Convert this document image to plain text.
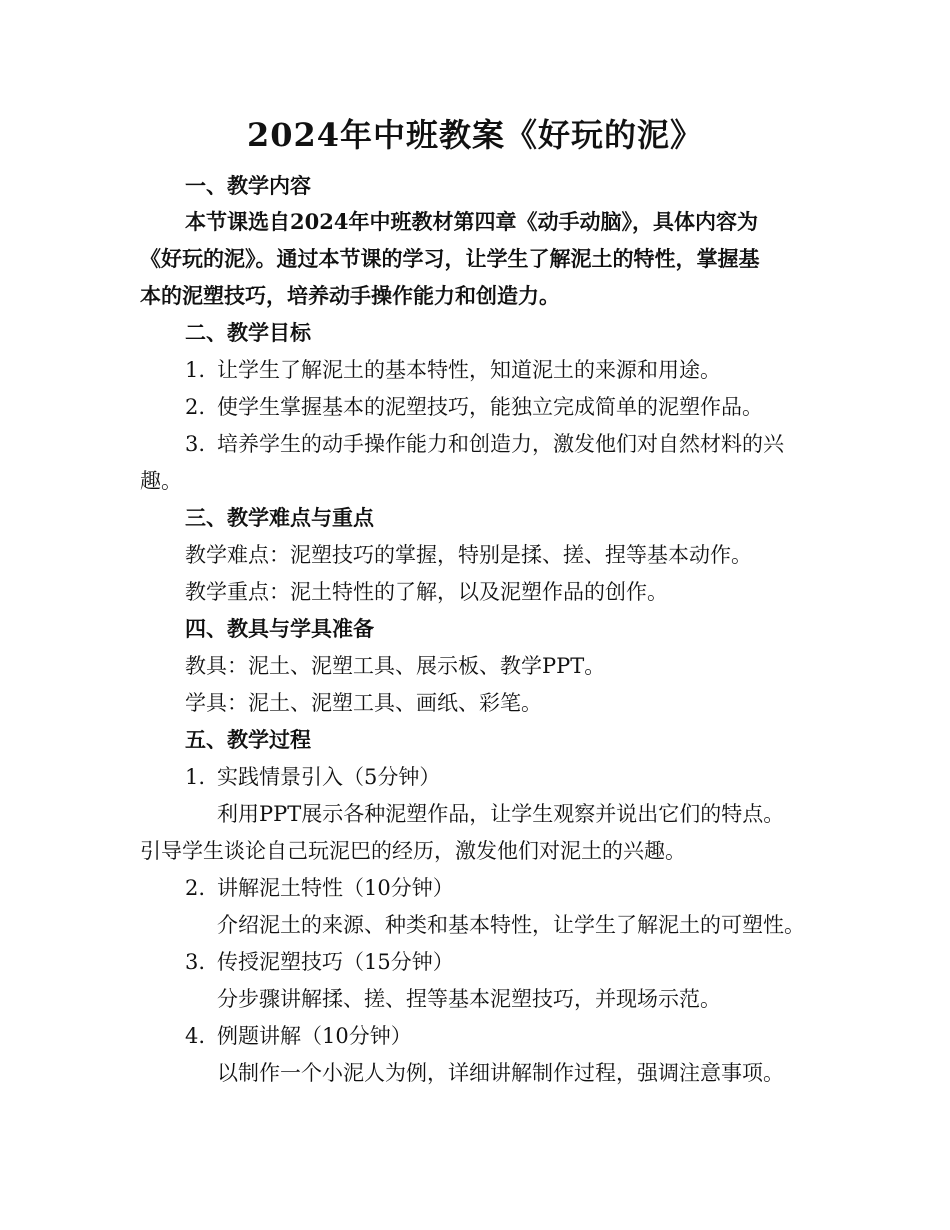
2024年中班教案《好玩的泥》
一、教学内容
本节课选自2024年中班教材第四章《动手动脑》，具体内容为
《好玩的泥》。通过本节课的学习，让学生了解泥土的特性，掌握基
本的泥塑技巧，培养动手操作能力和创造力。
二、教学目标
1. 让学生了解泥土的基本特性，知道泥土的来源和用途。
2. 使学生掌握基本的泥塑技巧，能独立完成简单的泥塑作品。
3. 培养学生的动手操作能力和创造力，激发他们对自然材料的兴
趣。
三、教学难点与重点
教学难点：泥塑技巧的掌握，特别是揉、搓、捏等基本动作。
教学重点：泥土特性的了解，以及泥塑作品的创作。
四、教具与学具准备
教具：泥土、泥塑工具、展示板、教学PPT。
学具：泥土、泥塑工具、画纸、彩笔。
五、教学过程
1. 实践情景引入（5分钟）
利用PPT展示各种泥塑作品，让学生观察并说出它们的特点。
引导学生谈论自己玩泥巴的经历，激发他们对泥土的兴趣。
2. 讲解泥土特性（10分钟）
介绍泥土的来源、种类和基本特性，让学生了解泥土的可塑性。
3. 传授泥塑技巧（15分钟）
分步骤讲解揉、搓、捏等基本泥塑技巧，并现场示范。
4. 例题讲解（10分钟）
以制作一个小泥人为例，详细讲解制作过程，强调注意事项。
